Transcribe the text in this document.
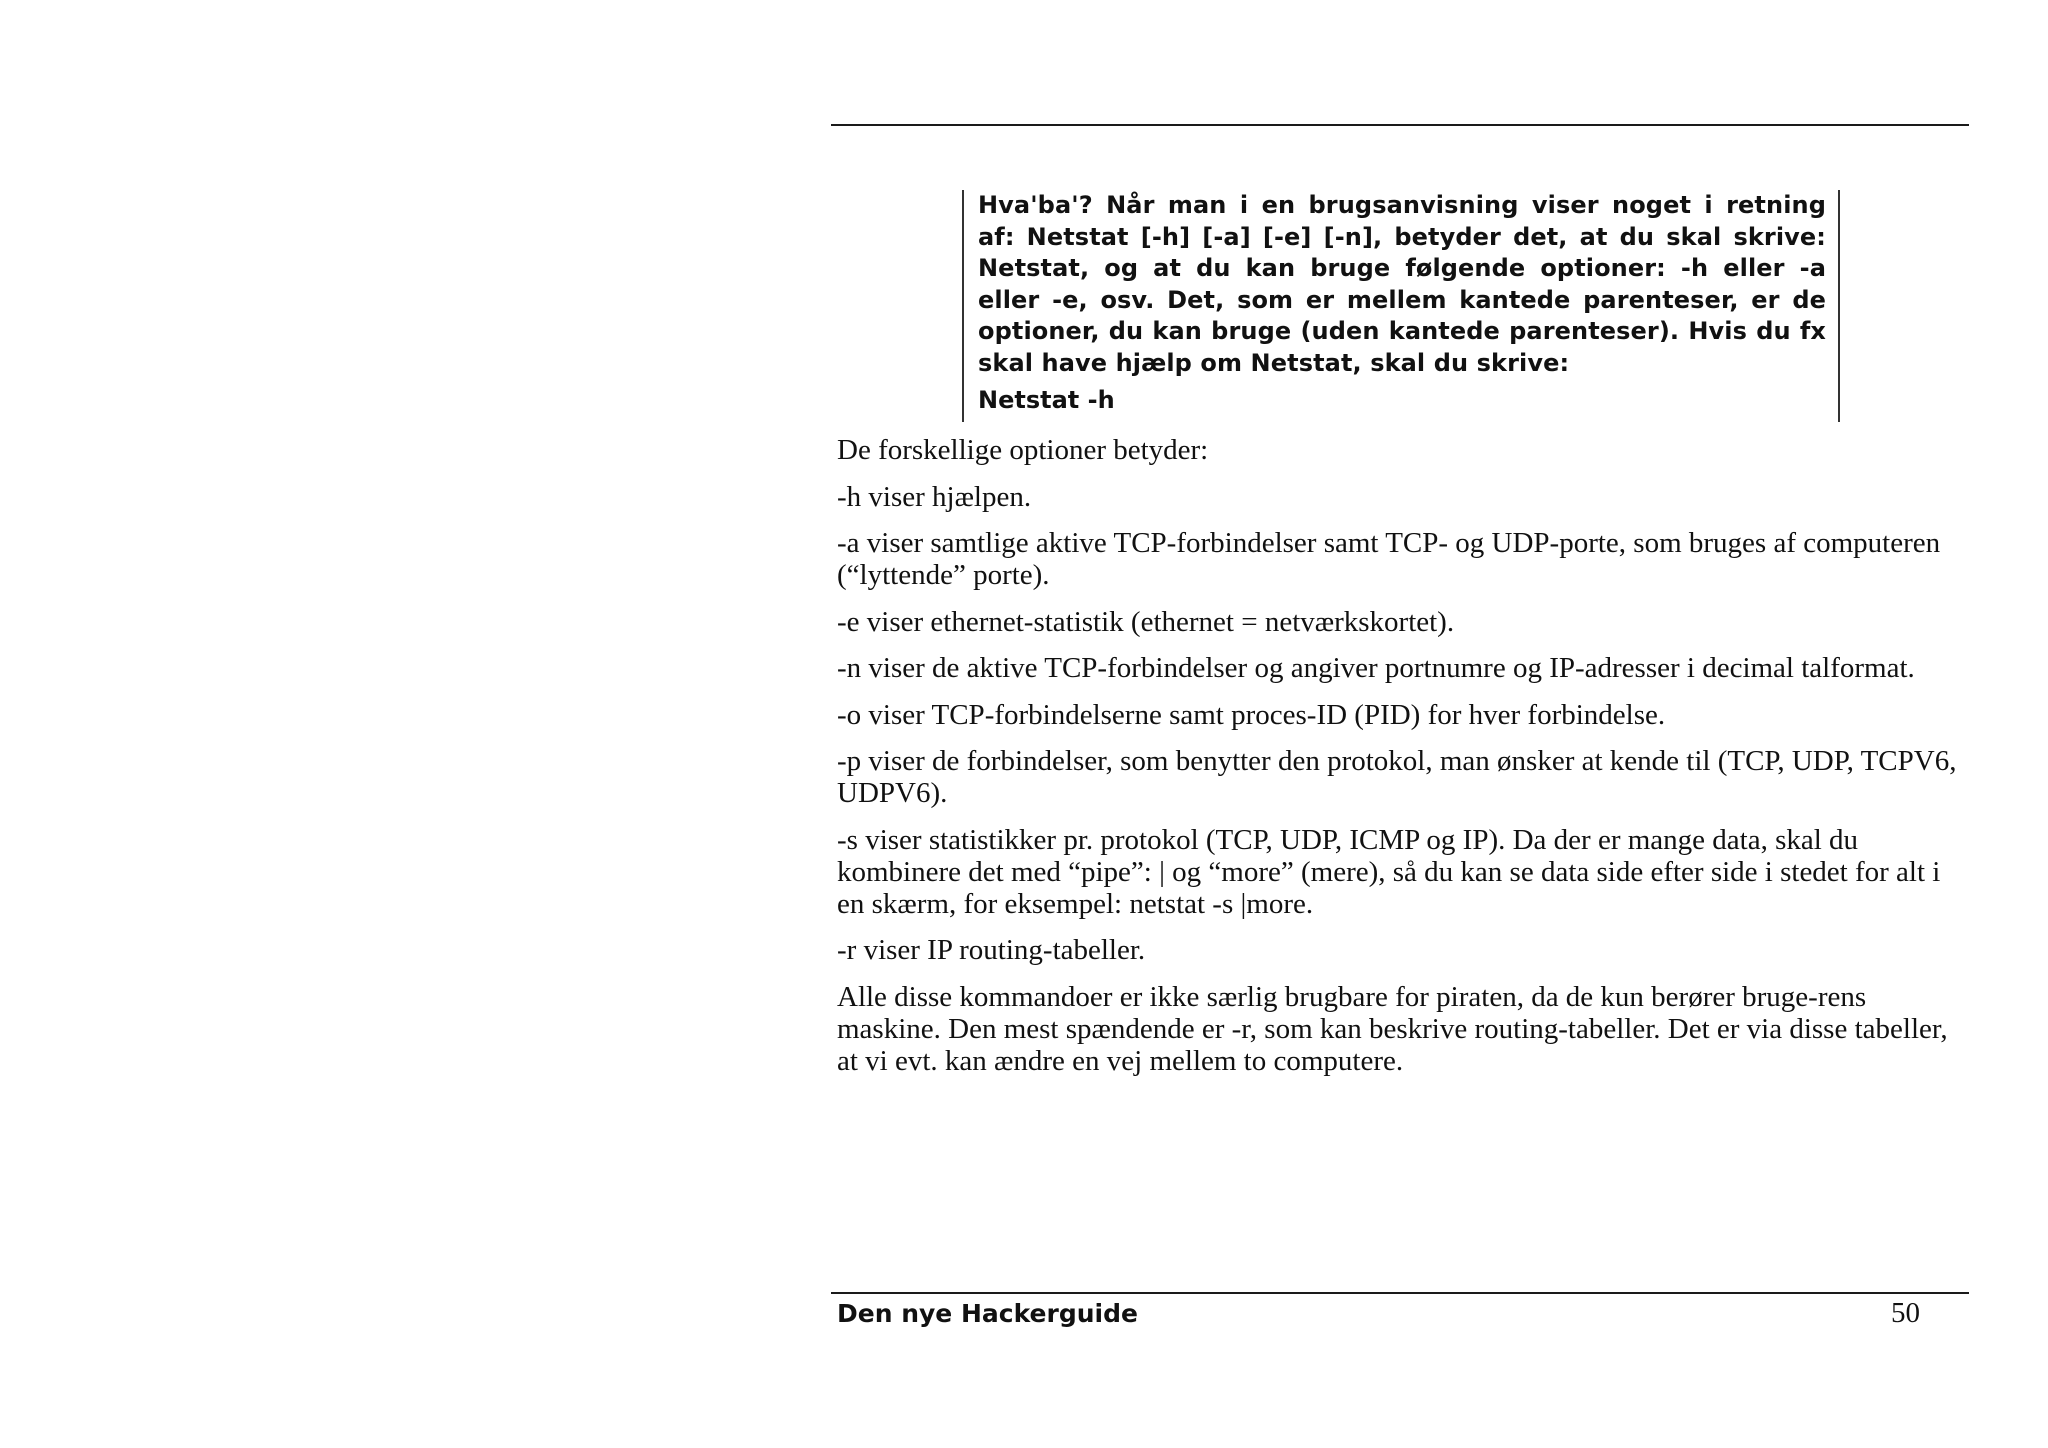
Hva'ba'? Når man i en brugsanvisning viser noget i retning af: Netstat [-h] [-a] [-e] [-n], betyder det, at du skal skrive: Netstat, og at du kan bruge følgende optioner: -h eller -a eller -e, osv. Det, som er mellem kantede parenteser, er de optioner, du kan bruge (uden kantede parenteser). Hvis du fx skal have hjælp om Netstat, skal du skrive:

Netstat -h

De forskellige optioner betyder:

-h viser hjælpen.

-a viser samtlige aktive TCP-forbindelser samt TCP- og UDP-porte, som bruges af computeren (“lyttende” porte).

-e viser ethernet-statistik (ethernet = netværkskortet).

-n viser de aktive TCP-forbindelser og angiver portnumre og IP-adresser i decimal talformat.

-o viser TCP-forbindelserne samt proces-ID (PID) for hver forbindelse.

-p viser de forbindelser, som benytter den protokol, man ønsker at kende til (TCP, UDP, TCPV6, UDPV6).

-s viser statistikker pr. protokol (TCP, UDP, ICMP og IP). Da der er mange data, skal du kombinere det med “pipe”: | og “more” (mere), så du kan se data side efter side i stedet for alt i en skærm, for eksempel: netstat -s |more.

-r viser IP routing-tabeller.

Alle disse kommandoer er ikke særlig brugbare for piraten, da de kun berører bruge-rens maskine. Den mest spændende er -r, som kan beskrive routing-tabeller. Det er via disse tabeller, at vi evt. kan ændre en vej mellem to computere.

Den nye Hackerguide	50
